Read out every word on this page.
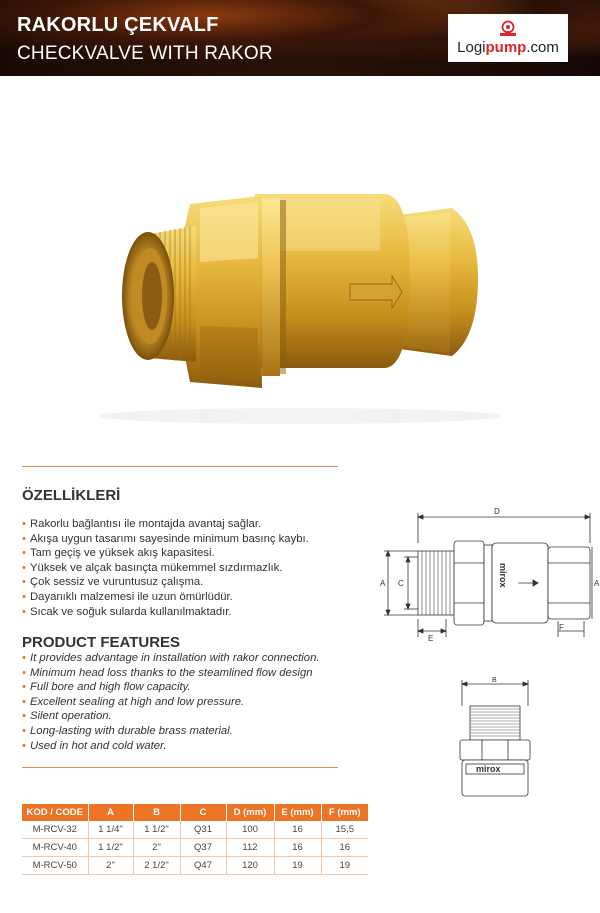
RAKORLU ÇEKVALF
CHECKVALVE WITH RAKOR	Logipump.com
ÖZELLİKLERİ
• Rakorlu bağlantısı ile montajda avantaj sağlar.
• Akışa uygun tasarımı sayesinde minimum basınç kaybı.
• Tam geçiş ve yüksek akış kapasitesi.
• Yüksek ve alçak basınçta mükemmel sızdırmazlık.
• Çok sessiz ve vuruntusuz çalışma.
• Dayanıklı malzemesi ile uzun ömürlüdür.
• Sıcak ve soğuk sularda kullanılmaktadır.
PRODUCT FEATURES
• It provides advantage in installation with rakor connection.
• Minimum head loss thanks to the steamlined flow design
• Full bore and high flow capacity.
• Excellent sealing at high and low pressure.
• Silent operation.
• Long-lasting with durable brass material.
• Used in hot and cold water.
D
A C	A
E
F
mirox
B
mirox
KOD / CODE	A	B	C	D (mm)	E (mm)	F (mm)
M-RCV-32	1 1/4"	1 1/2"	Q31	100	16	15,5
M-RCV-40	1 1/2"	2"	Q37	112	16	16
M-RCV-50	2"	2 1/2"	Q47	120	19	19
